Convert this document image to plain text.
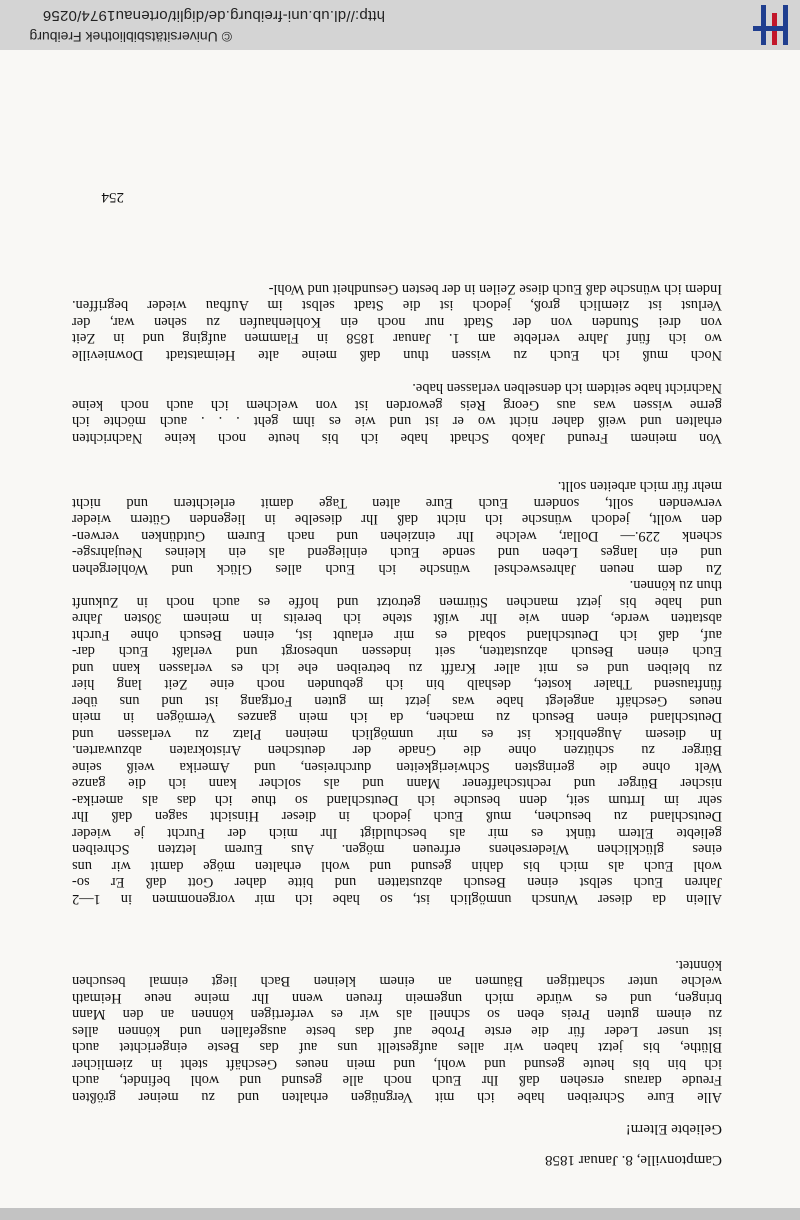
Camptonville, 8. Januar 1858
Geliebte Eltern!
Alle Eure Schreiben habe ich mit Vergnügen erhalten und zu meiner größten
Freude daraus ersehen daß Ihr Euch noch alle gesund und wohl befindet, auch
ich bin bis heute gesund und wohl, und mein neues Geschäft steht in ziemlicher
Blüthe, bis jetzt haben wir alles aufgestellt uns auf das Beste eingerichtet auch
ist unser Leder für die erste Probe auf das beste ausgefallen und können alles
zu einem guten Preis eben so schnell als wir es verfertigen können an den Mann
bringen, und es würde mich ungemein freuen wenn Ihr meine neue Heimath
welche unter schattigen Bäumen an einem kleinen Bach liegt einmal besuchen
könntet.
Allein da dieser Wunsch unmöglich ist, so habe ich mir vorgenommen in 1—2
Jahren Euch selbst einen Besuch abzustatten und bitte daher Gott daß Er so-
wohl Euch als mich bis dahin gesund und wohl erhalten möge damit wir uns
eines glücklichen Wiedersehens erfreuen mögen. Aus Eurem letzten Schreiben
geliebte Eltern tünkt es mir als beschuldigt Ihr mich der Furcht je wieder
Deutschland zu besuchen, muß Euch jedoch in dieser Hinsicht sagen daß Ihr
sehr im Irrtum seit, denn besuche ich Deutschland so thue ich das als amerika-
nischer Bürger und rechtschaffener Mann und als solcher kann ich die ganze
Welt ohne die geringsten Schwierigkeiten durchreisen, und Amerika weiß seine
Bürger zu schützen ohne die Gnade der deutschen Aristokraten abzuwarten.
In diesem Augenblick ist es mir unmöglich meinen Platz zu verlassen und
Deutschland einen Besuch zu machen, da ich mein ganzes Vermögen in mein
neues Geschäft angelegt habe was jetzt im guten Fortgang ist und uns über
fünftausend Thaler kostet, deshalb bin ich gebunden noch eine Zeit lang hier
zu bleiben und es mit aller Krafft zu betreiben ehe ich es verlassen kann und
Euch einen Besuch abzustatten, seit indessen unbesorgt und verlaßt Euch dar-
auf, daß ich Deutschland sobald es mir erlaubt ist, einen Besuch ohne Furcht
abstatten werde, denn wie Ihr wißt stehe ich bereits in meinem 30sten Jahre
und habe bis jetzt manchen Stürmen getrotzt und hoffe es auch noch in Zukunft
thun zu können.
Zu dem neuen Jahreswechsel wünsche ich Euch alles Glück und Wohlergehen
und ein langes Leben und sende Euch einliegend als ein kleines Neujahrsge-
schenk 229.— Dollar, welche Ihr einziehen und nach Eurem Gutdünken verwen-
den wollt, jedoch wünsche ich nicht daß Ihr dieselbe in liegenden Gütern wieder
verwenden sollt, sondern Euch Eure alten Tage damit erleichtern und nicht
mehr für mich arbeiten sollt.
Von meinem Freund Jakob Schadt habe ich bis heute noch keine Nachrichten
erhalten und weiß daher nicht wo er ist und wie es ihm geht . . . auch möchte ich
gerne wissen was aus Georg Reis geworden ist von welchem ich auch noch keine
Nachricht habe seitdem ich denselben verlassen habe.
Noch muß ich Euch zu wissen thun daß meine alte Heimatstadt Downieville
wo ich fünf Jahre verlebte am 1. Januar 1858 in Flammen aufging und in Zeit
von drei Stunden von der Stadt nur noch ein Kohlenhaufen zu sehen war, der
Verlust ist ziemlich groß, jedoch ist die Stadt selbst im Aufbau wieder begriffen.
Indem ich wünsche daß Euch diese Zeilen in der besten Gesundheit und Wohl-
254
© Universitätsbibliothek Freiburg
http://dl.ub.uni-freiburg.de/diglit/ortenau1974/0256
